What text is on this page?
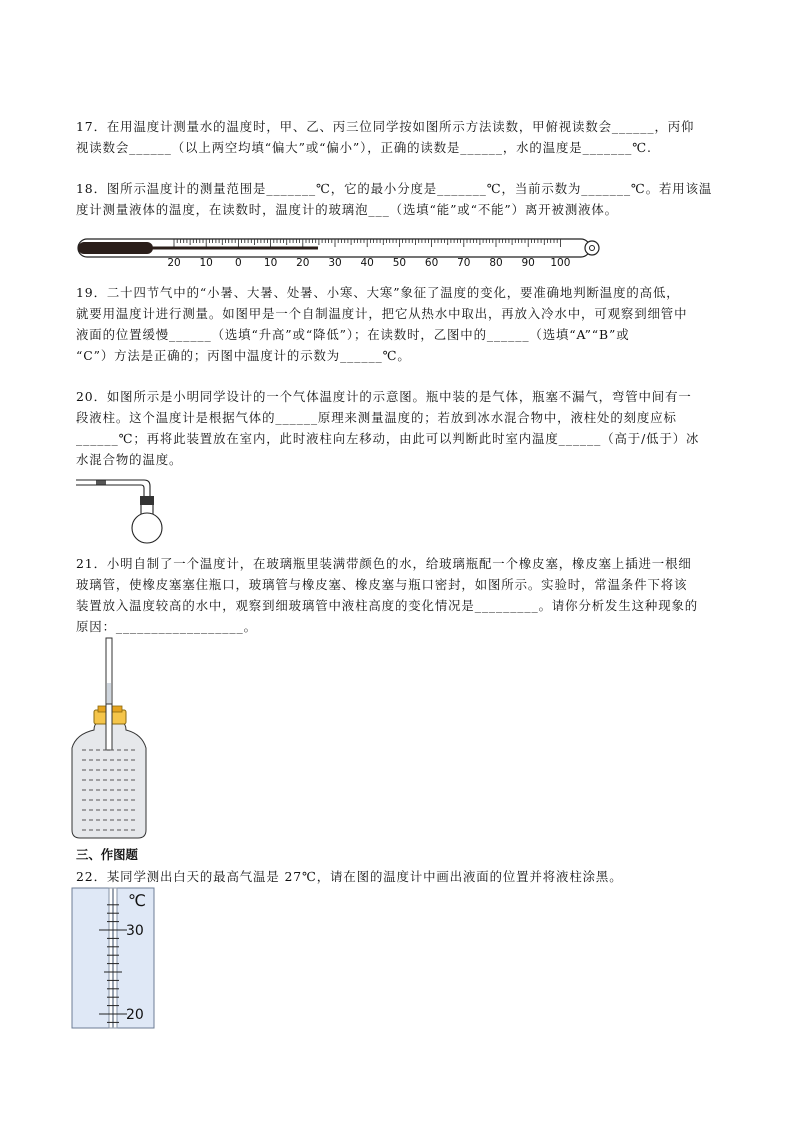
17．在用温度计测量水的温度时，甲、乙、丙三位同学按如图所示方法读数，甲俯视读数会______，丙仰

视读数会______（以上两空均填“偏大”或“偏小”），正确的读数是______，水的温度是_______℃.

18．图所示温度计的测量范围是_______℃，它的最小分度是_______℃，当前示数为_______℃。若用该温

度计测量液体的温度，在读数时，温度计的玻璃泡___（选填“能”或“不能”）离开被测液体。

20 10 0 10 20 30 40 50 60 70 80 90 100

19．二十四节气中的“小暑、大暑、处暑、小寒、大寒”象征了温度的变化，要准确地判断温度的高低，

就要用温度计进行测量。如图甲是一个自制温度计，把它从热水中取出，再放入冷水中，可观察到细管中

液面的位置缓慢______（选填“升高”或“降低”）；在读数时，乙图中的______（选填“A”“B”或

“C”）方法是正确的；丙图中温度计的示数为______℃。

20．如图所示是小明同学设计的一个气体温度计的示意图。瓶中装的是气体，瓶塞不漏气，弯管中间有一

段液柱。这个温度计是根据气体的______原理来测量温度的；若放到冰水混合物中，液柱处的刻度应标

______℃；再将此装置放在室内，此时液柱向左移动，由此可以判断此时室内温度______（高于/低于）冰

水混合物的温度。

21．小明自制了一个温度计，在玻璃瓶里装满带颜色的水，给玻璃瓶配一个橡皮塞，橡皮塞上插进一根细

玻璃管，使橡皮塞塞住瓶口，玻璃管与橡皮塞、橡皮塞与瓶口密封，如图所示。实验时，常温条件下将该

装置放入温度较高的水中，观察到细玻璃管中液柱高度的变化情况是_________。请你分析发生这种现象的

原因：__________________。

三、作图题

22．某同学测出白天的最高气温是 27℃，请在图的温度计中画出液面的位置并将液柱涂黑。

℃
30
20
